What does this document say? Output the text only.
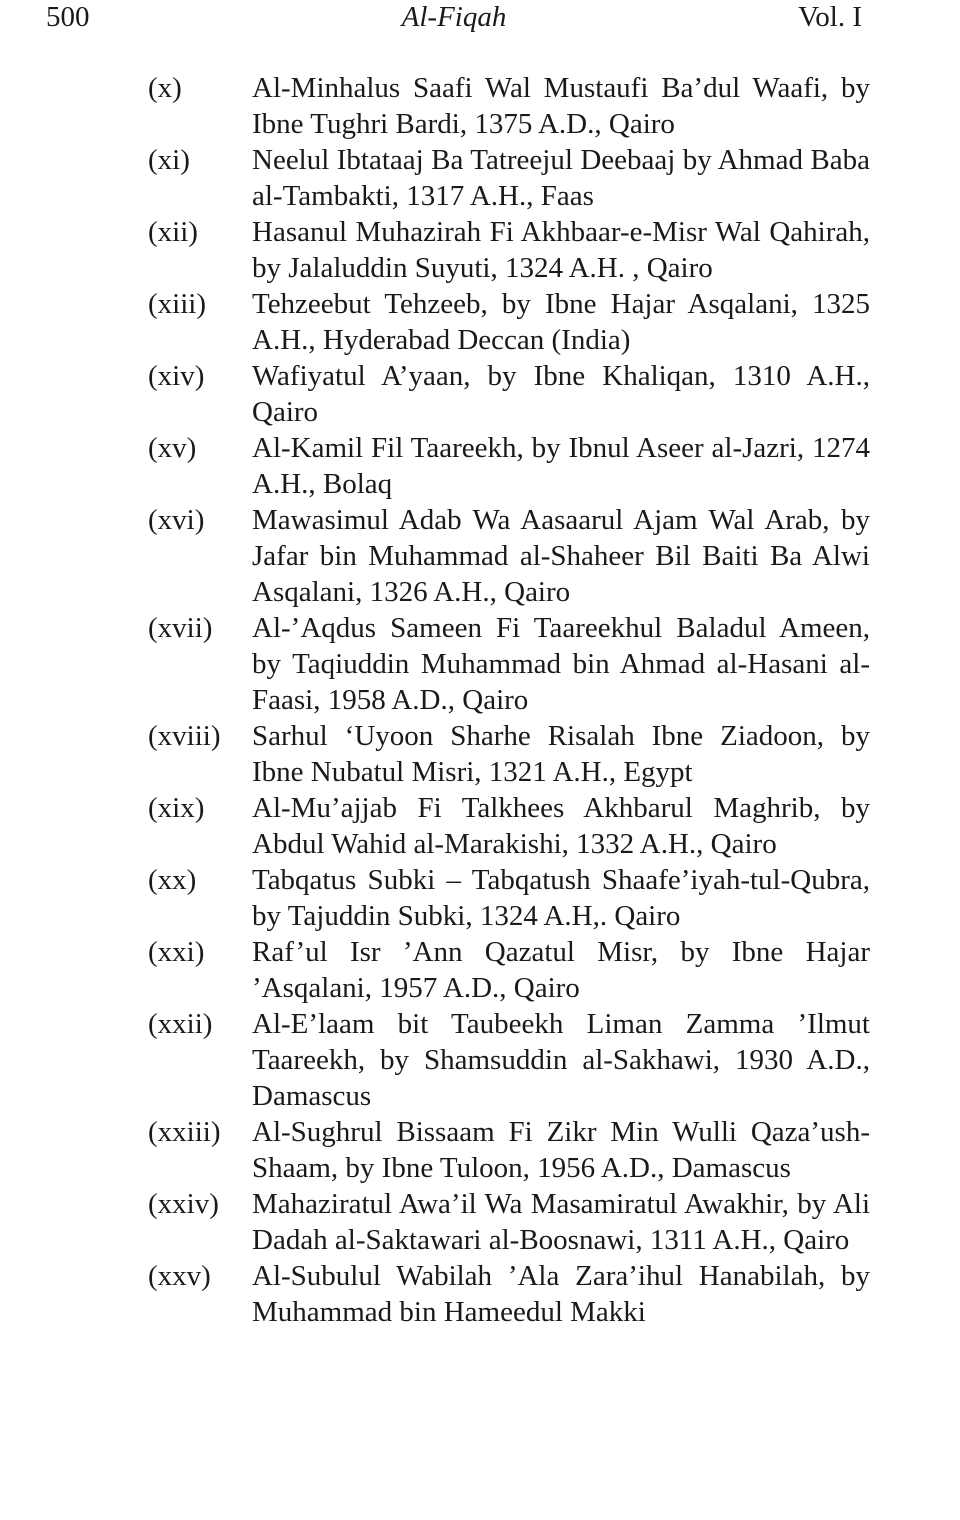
500	Al-Fiqah	Vol. I
(x)	Al-Minhalus Saafi Wal Mustaufi Ba’dul Waafi, by Ibne Tughri Bardi, 1375 A.D., Qairo
(xi)	Neelul Ibtataaj Ba Tatreejul Deebaaj by Ahmad Baba al-Tambakti, 1317 A.H., Faas
(xii)	Hasanul Muhazirah Fi Akhbaar-e-Misr Wal Qahirah, by Jalaluddin Suyuti, 1324 A.H. , Qairo
(xiii)	Tehzeebut Tehzeeb, by Ibne Hajar Asqalani, 1325 A.H., Hyderabad Deccan (India)
(xiv)	Wafiyatul A’yaan, by Ibne Khaliqan, 1310 A.H., Qairo
(xv)	Al-Kamil Fil Taareekh, by Ibnul Aseer al-Jazri, 1274 A.H., Bolaq
(xvi)	Mawasimul Adab Wa Aasaarul Ajam Wal Arab, by Jafar bin Muhammad al-Shaheer Bil Baiti Ba Alwi Asqalani, 1326 A.H., Qairo
(xvii)	Al-’Aqdus Sameen Fi Taareekhul Baladul Ameen, by Taqiuddin Muhammad bin Ahmad al-Hasani al-Faasi, 1958 A.D., Qairo
(xviii)	Sarhul ‘Uyoon Sharhe Risalah Ibne Ziadoon, by Ibne Nubatul Misri, 1321 A.H., Egypt
(xix)	Al-Mu’ajjab Fi Talkhees Akhbarul Maghrib, by Abdul Wahid al-Marakishi, 1332 A.H., Qairo
(xx)	Tabqatus Subki – Tabqatush Shaafe’iyah-tul-Qubra, by Tajuddin Subki, 1324 A.H,. Qairo
(xxi)	Raf’ul Isr ’Ann Qazatul Misr, by Ibne Hajar ’Asqalani, 1957 A.D., Qairo
(xxii)	Al-E’laam bit Taubeekh Liman Zamma ’Ilmut Taareekh, by Shamsuddin al-Sakhawi, 1930 A.D., Damascus
(xxiii)	Al-Sughrul Bissaam Fi Zikr Min Wulli Qaza’ush-Shaam, by Ibne Tuloon, 1956 A.D., Damascus
(xxiv)	Mahaziratul Awa’il Wa Masamiratul Awakhir, by Ali Dadah al-Saktawari al-Boosnawi, 1311 A.H., Qairo
(xxv)	Al-Subulul Wabilah ’Ala Zara’ihul Hanabilah, by Muhammad bin Hameedul Makki
